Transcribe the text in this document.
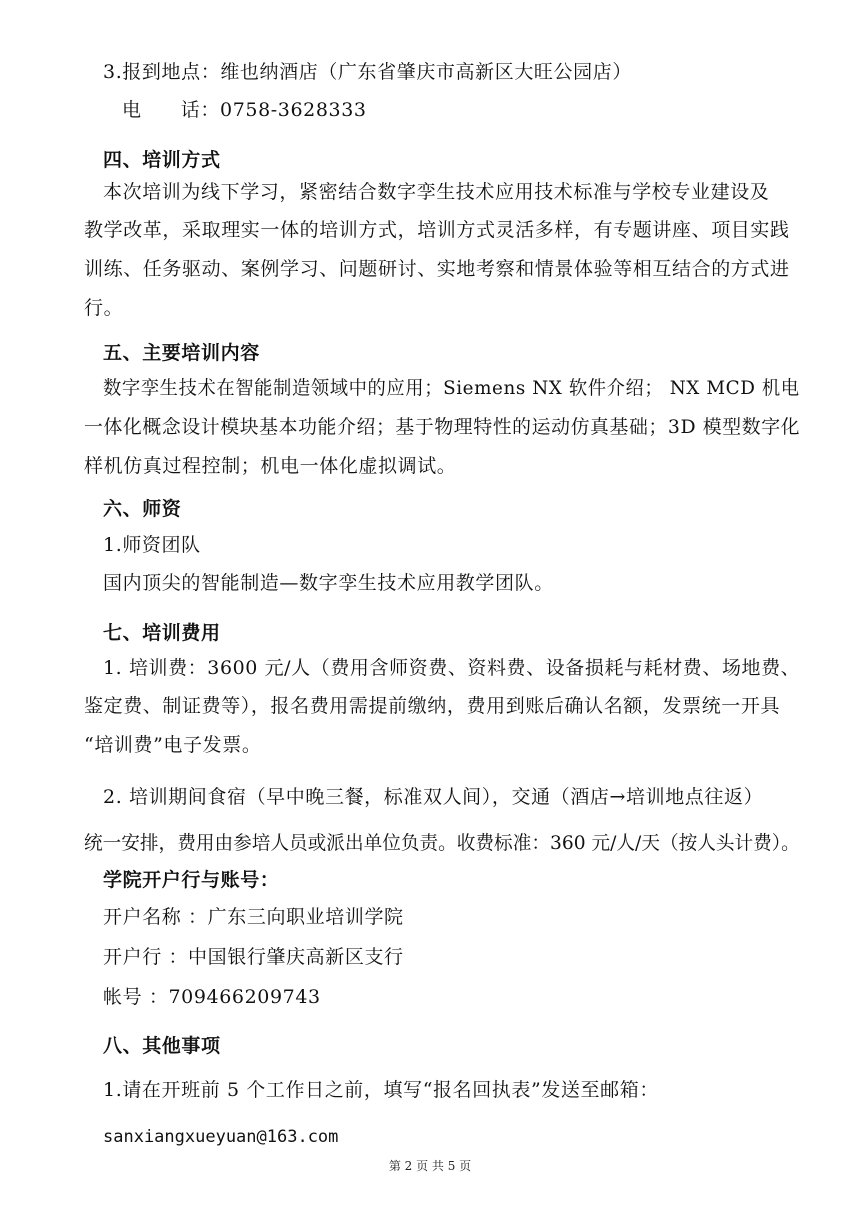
3.报到地点：维也纳酒店（广东省肇庆市高新区大旺公园店）
电　　话：0758-3628333
四、培训方式
本次培训为线下学习，紧密结合数字孪生技术应用技术标准与学校专业建设及
教学改革，采取理实一体的培训方式，培训方式灵活多样，有专题讲座、项目实践
训练、任务驱动、案例学习、问题研讨、实地考察和情景体验等相互结合的方式进
行。
五、主要培训内容
数字孪生技术在智能制造领域中的应用；Siemens NX 软件介绍； NX MCD 机电
一体化概念设计模块基本功能介绍；基于物理特性的运动仿真基础；3D 模型数字化
样机仿真过程控制；机电一体化虚拟调试。
六、师资
1.师资团队
国内顶尖的智能制造—数字孪生技术应用教学团队。
七、培训费用
1. 培训费：3600 元/人（费用含师资费、资料费、设备损耗与耗材费、场地费、
鉴定费、制证费等），报名费用需提前缴纳，费用到账后确认名额，发票统一开具
“培训费”电子发票。
2. 培训期间食宿（早中晚三餐，标准双人间），交通（酒店→培训地点往返）
统一安排，费用由参培人员或派出单位负责。收费标准：360 元/人/天（按人头计费）。
学院开户行与账号：
开户名称 ：广东三向职业培训学院
开户行 ：中国银行肇庆高新区支行
帐号 ：709466209743
八、其他事项
1.请在开班前 5 个工作日之前，填写“报名回执表”发送至邮箱：
sanxiangxueyuan@163.com
第 2 页 共 5 页
